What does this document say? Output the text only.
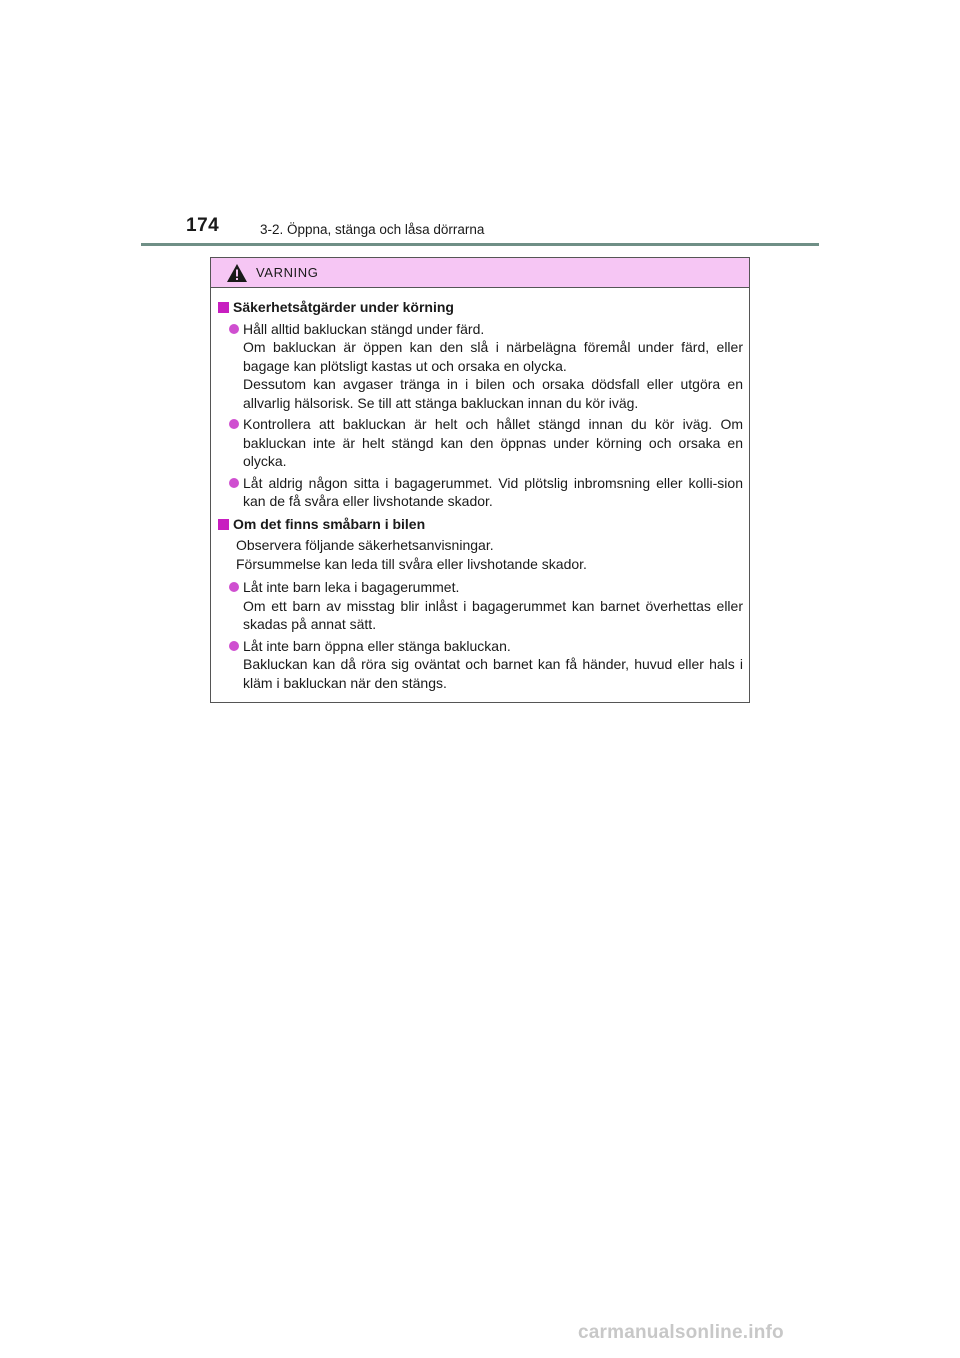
174	3-2. Öppna, stänga och låsa dörrarna
VARNING
Säkerhetsåtgärder under körning
Håll alltid bakluckan stängd under färd.
Om bakluckan är öppen kan den slå i närbelägna föremål under färd, eller bagage kan plötsligt kastas ut och orsaka en olycka.
Dessutom kan avgaser tränga in i bilen och orsaka dödsfall eller utgöra en allvarlig hälsorisk. Se till att stänga bakluckan innan du kör iväg.
Kontrollera att bakluckan är helt och hållet stängd innan du kör iväg. Om bakluckan inte är helt stängd kan den öppnas under körning och orsaka en olycka.
Låt aldrig någon sitta i bagagerummet. Vid plötslig inbromsning eller kolli-sion kan de få svåra eller livshotande skador.
Om det finns småbarn i bilen
Observera följande säkerhetsanvisningar.
Försummelse kan leda till svåra eller livshotande skador.
Låt inte barn leka i bagagerummet.
Om ett barn av misstag blir inlåst i bagagerummet kan barnet överhettas eller skadas på annat sätt.
Låt inte barn öppna eller stänga bakluckan.
Bakluckan kan då röra sig oväntat och barnet kan få händer, huvud eller hals i kläm i bakluckan när den stängs.
carmanualsonline.info
